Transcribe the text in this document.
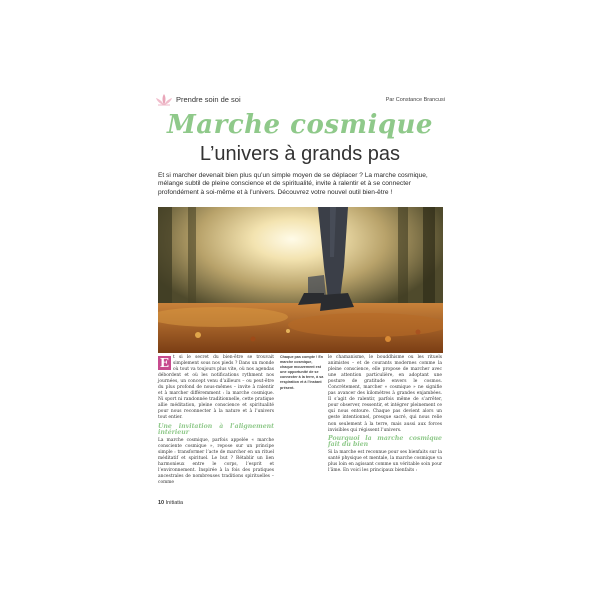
Prendre soin de soi	Par Constance Brancusi
Marche cosmique
L’univers à grands pas
Et si marcher devenait bien plus qu’un simple moyen de se déplacer ? La marche cosmique, mélange subtil de pleine conscience et de spiritualité, invite à ralentir et à se connecter profondément à soi-même et à l’univers. Découvrez votre nouvel outil bien-être !
E t si le secret du bien-être se trouvait simplement sous nos pieds ? Dans un monde où tout va toujours plus vite, où nos agendas débordent et où les notifications rythment nos journées, un concept venu d’ailleurs – ou peut-être du plus profond de nous-mêmes – invite à ralentir et à marcher différemment : la marche cosmique. Ni sport ni randonnée traditionnelle, cette pratique allie méditation, pleine conscience et spiritualité pour nous reconnecter à la nature et à l’univers tout entier.
Une invitation à l’alignement intérieur
La marche cosmique, parfois appelée « marche consciente cosmique », repose sur un principe simple : transformer l’acte de marcher en un rituel méditatif et spirituel. Le but ? Rétablir un lien harmonieux entre le corps, l’esprit et l’environnement. Inspirée à la fois des pratiques ancestrales de nombreuses traditions spirituelles – comme
Chaque pas compte ! En marche cosmique, chaque mouvement est une opportunité de se connecter à la terre, à sa respiration et à l’instant présent.
le chamanisme, le bouddhisme ou les rituels animistes – et de courants modernes comme la pleine conscience, elle propose de marcher avec une attention particulière, en adoptant une posture de gratitude envers le cosmos. Concrètement, marcher « cosmique » ne signifie pas avancer des kilomètres à grandes enjambées. Il s’agit de ralentir, parfois même de s’arrêter, pour observer, ressentir, et intégrer pleinement ce qui nous entoure. Chaque pas devient alors un geste intentionnel, presque sacré, qui nous relie non seulement à la terre, mais aussi aux forces invisibles qui régissent l’univers.
Pourquoi la marche cosmique fait du bien
Si la marche est reconnue pour ses bienfaits sur la santé physique et mentale, la marche cosmique va plus loin en agissant comme un véritable soin pour l’âme. En voici les principaux bienfaits :
10 Initiatia
